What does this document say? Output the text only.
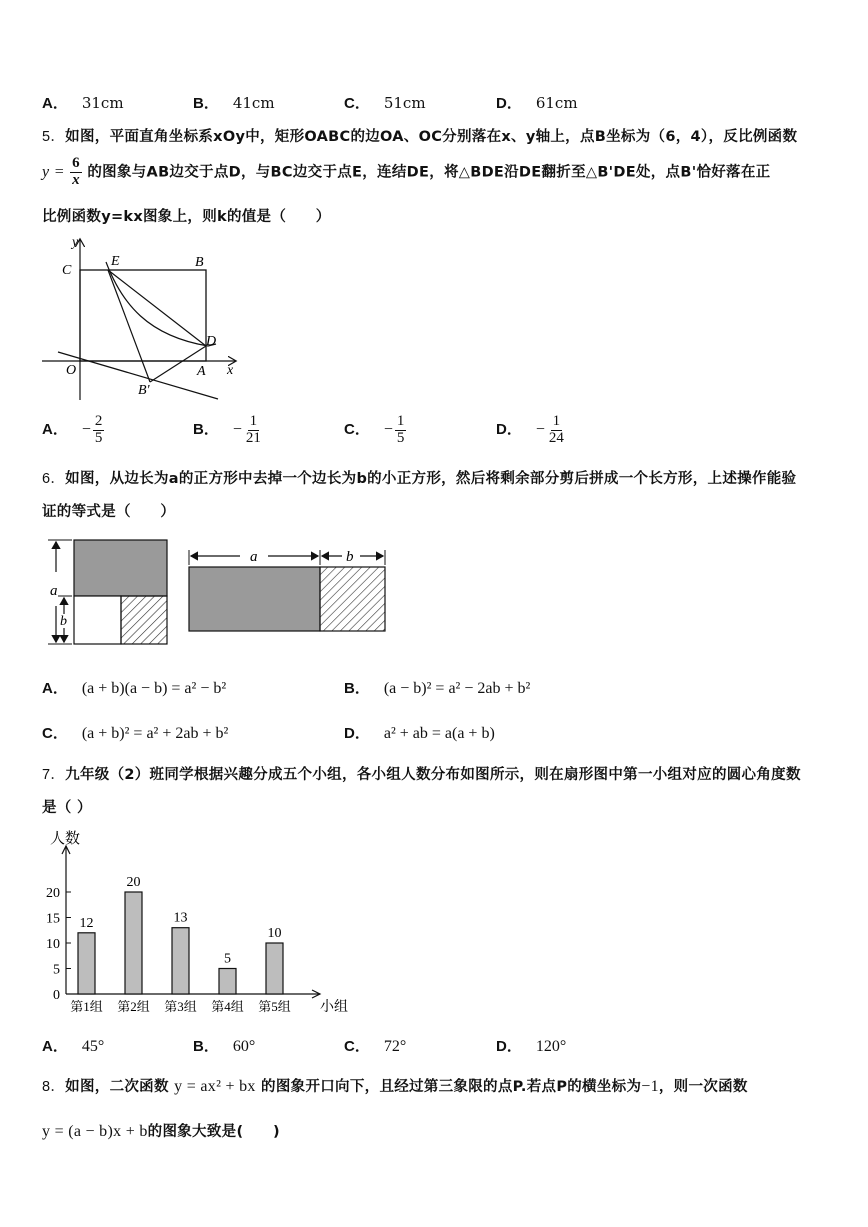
A． 31cm	B． 41cm	C． 51cm	D． 61cm
5．如图，平面直角坐标系xOy中，矩形OABC的边OA、OC分别落在x、y轴上，点B坐标为（6，4），反比例函数
$y = \frac{6}{x}$ 的图象与AB边交于点D，与BC边交于点E，连结DE，将△BDE沿DE翻折至△B'DE处，点B'恰好落在正
比例函数y=kx图象上，则k的值是（　　）
y
C
E	B
D
O	A x
B'
A． − $\frac{2}{5}$	B． − $\frac{1}{21}$	C． − $\frac{1}{5}$	D． − $\frac{1}{24}$
6．如图，从边长为a的正方形中去掉一个边长为b的小正方形，然后将剩余部分剪后拼成一个长方形，上述操作能验
证的等式是（　　）
a
b
a	b
A． (a + b)(a − b) = a² − b²	B． (a − b)² = a² − 2ab + b²
C． (a + b)² = a² + 2ab + b²	D． a² + ab = a(a + b)
7．九年级（2）班同学根据兴趣分成五个小组，各小组人数分布如图所示，则在扇形图中第一小组对应的圆心角度数
是（ ）
人数
小组
0
5
10
15
20
12
第1组
20
第2组
13
第3组
5
第4组
10
第5组
A． 45°	B． 60°	C． 72°	D． 120°
8．如图，二次函数 y = ax² + bx 的图象开口向下，且经过第三象限的点P.若点P的横坐标为−1，则一次函数
y = (a − b)x + b的图象大致是(　　)
